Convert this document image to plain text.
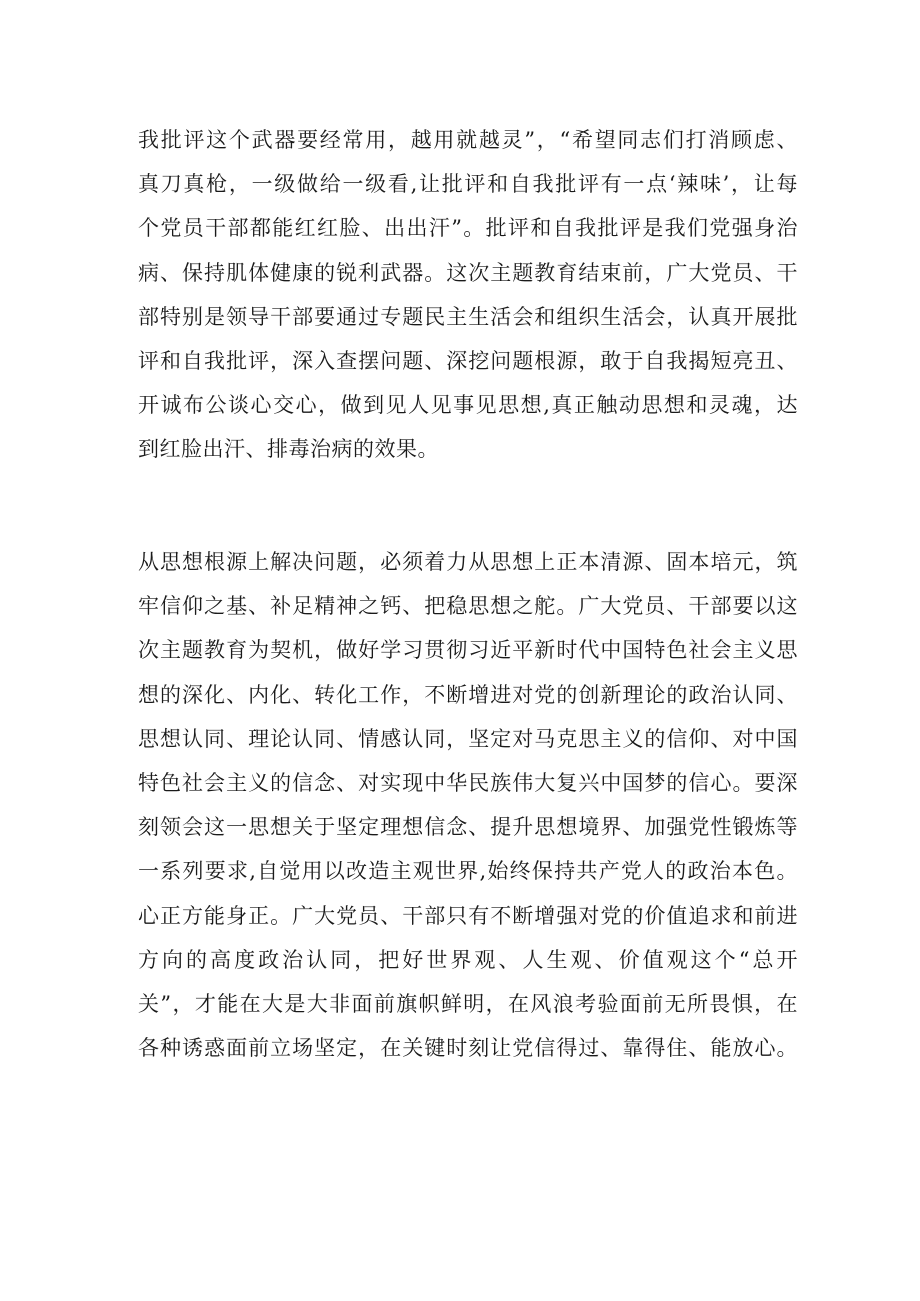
我批评这个武器要经常用，越用就越灵”，“希望同志们打消顾虑、
真刀真枪，一级做给一级看,让批评和自我批评有一点‘辣味’，让每
个党员干部都能红红脸、出出汗”。批评和自我批评是我们党强身治
病、保持肌体健康的锐利武器。这次主题教育结束前，广大党员、干
部特别是领导干部要通过专题民主生活会和组织生活会，认真开展批
评和自我批评，深入查摆问题、深挖问题根源，敢于自我揭短亮丑、
开诚布公谈心交心，做到见人见事见思想,真正触动思想和灵魂，达
到红脸出汗、排毒治病的效果。
从思想根源上解决问题，必须着力从思想上正本清源、固本培元，筑
牢信仰之基、补足精神之钙、把稳思想之舵。广大党员、干部要以这
次主题教育为契机，做好学习贯彻习近平新时代中国特色社会主义思
想的深化、内化、转化工作，不断增进对党的创新理论的政治认同、
思想认同、理论认同、情感认同，坚定对马克思主义的信仰、对中国
特色社会主义的信念、对实现中华民族伟大复兴中国梦的信心。要深
刻领会这一思想关于坚定理想信念、提升思想境界、加强党性锻炼等
一系列要求,自觉用以改造主观世界,始终保持共产党人的政治本色。
心正方能身正。广大党员、干部只有不断增强对党的价值追求和前进
方向的高度政治认同，把好世界观、人生观、价值观这个“总开
关”，才能在大是大非面前旗帜鲜明，在风浪考验面前无所畏惧，在
各种诱惑面前立场坚定，在关键时刻让党信得过、靠得住、能放心。
